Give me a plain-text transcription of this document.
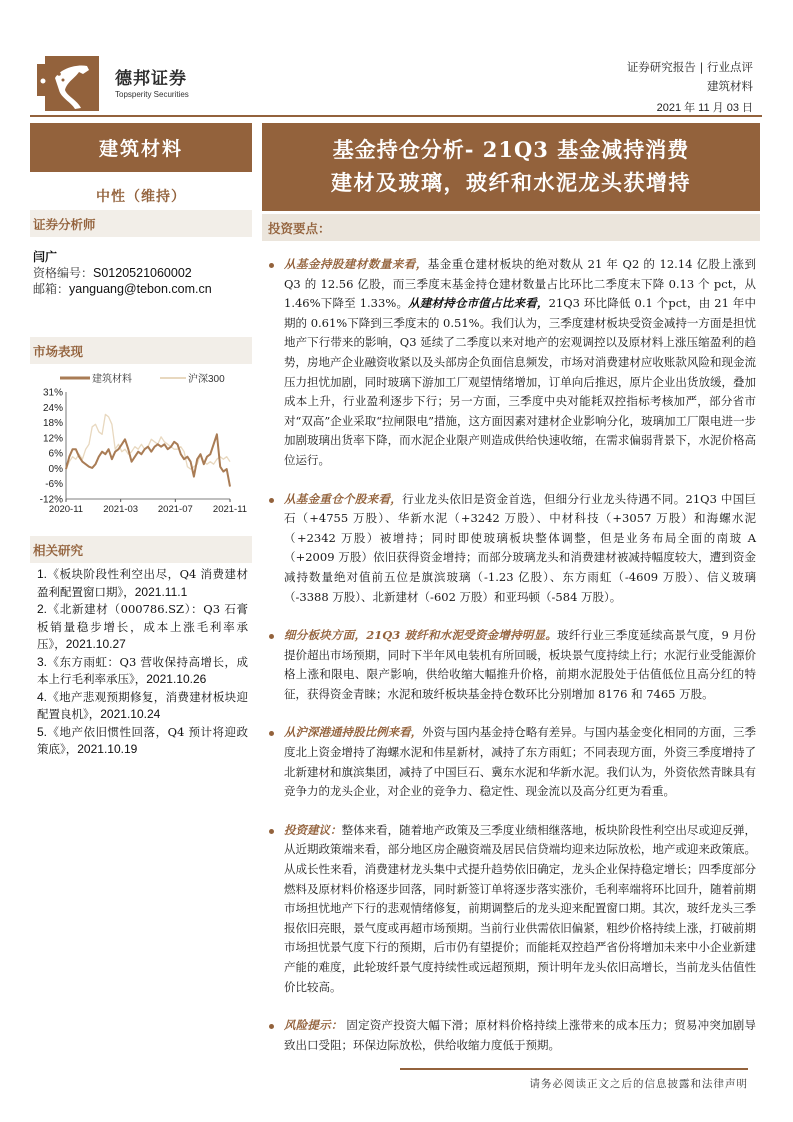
德邦证券
Topsperity Securities
证券研究报告 | 行业点评
建筑材料
2021 年 11 月 03 日
建筑材料
中性（维持）
证券分析师
闫广
资格编号：S0120521060002
邮箱：yanguang@tebon.com.cn
市场表现
建筑材料	沪深300
31%
24%
18%
12%
6%
0%
-6%
-12%
2020-11 2021-03 2021-07 2021-11
相关研究
1.《板块阶段性利空出尽，Q4 消费建材盈利配置窗口期》，2021.11.1
2.《北新建材（000786.SZ）：Q3 石膏板销量稳步增长，成本上涨毛利率承压》，2021.10.27
3.《东方雨虹：Q3 营收保持高增长，成本上行毛利率承压》，2021.10.26
4.《地产悲观预期修复，消费建材板块迎配置良机》，2021.10.24
5.《地产依旧惯性回落，Q4 预计将迎政策底》，2021.10.19
基金持仓分析- 21Q3 基金减持消费
建材及玻璃，玻纤和水泥龙头获增持
投资要点：
从基金持股建材数量来看，基金重仓建材板块的绝对数从 21 年 Q2 的 12.14 亿股上涨到 Q3 的 12.56 亿股，而三季度末基金持仓建材数量占比环比二季度末下降 0.13 个 pct，从 1.46%下降至 1.33%。从建材持仓市值占比来看，21Q3 环比降低 0.1 个pct，由 21 年中期的 0.61%下降到三季度末的 0.51%。我们认为，三季度建材板块受资金减持一方面是担忧地产下行带来的影响，Q3 延续了二季度以来对地产的宏观调控以及原材料上涨压缩盈利的趋势，房地产企业融资收紧以及头部房企负面信息频发，市场对消费建材应收账款风险和现金流压力担忧加剧，同时玻璃下游加工厂观望情绪增加，订单向后推迟，原片企业出货放缓，叠加成本上升，行业盈利逐步下行；另一方面，三季度中央对能耗双控指标考核加严，部分省市对“双高”企业采取“拉闸限电”措施，这方面因素对建材企业影响分化，玻璃加工厂限电进一步加剧玻璃出货率下降，而水泥企业限产则造成供给快速收缩，在需求偏弱背景下，水泥价格高位运行。
从基金重仓个股来看，行业龙头依旧是资金首选，但细分行业龙头待遇不同。21Q3 中国巨石（+4755 万股）、华新水泥（+3242 万股）、中材科技（+3057 万股）和海螺水泥（+2342 万股）被增持；同时即使玻璃板块整体调整，但是业务布局全面的南玻 A（+2009 万股）依旧获得资金增持；而部分玻璃龙头和消费建材被减持幅度较大，遭到资金减持数量绝对值前五位是旗滨玻璃（-1.23 亿股）、东方雨虹（-4609 万股）、信义玻璃（-3388 万股）、北新建材（-602 万股）和亚玛顿（-584 万股）。
细分板块方面，21Q3 玻纤和水泥受资金增持明显。玻纤行业三季度延续高景气度，9 月份提价超出市场预期，同时下半年风电装机有所回暖，板块景气度持续上行；水泥行业受能源价格上涨和限电、限产影响，供给收缩大幅推升价格，前期水泥股处于估值低位且高分红的特征，获得资金青睐；水泥和玻纤板块基金持仓数环比分别增加 8176 和 7465 万股。
从沪深港通持股比例来看，外资与国内基金持仓略有差异。与国内基金变化相同的方面，三季度北上资金增持了海螺水泥和伟星新材，减持了东方雨虹；不同表现方面，外资三季度增持了北新建材和旗滨集团，减持了中国巨石、冀东水泥和华新水泥。我们认为，外资依然青睐具有竞争力的龙头企业，对企业的竞争力、稳定性、现金流以及高分红更为看重。
投资建议：整体来看，随着地产政策及三季度业绩相继落地，板块阶段性利空出尽或迎反弹，从近期政策端来看，部分地区房企融资端及居民信贷端均迎来边际放松，地产或迎来政策底。从成长性来看，消费建材龙头集中式提升趋势依旧确定，龙头企业保持稳定增长；四季度部分燃料及原材料价格逐步回落，同时新签订单将逐步落实涨价，毛利率端将环比回升，随着前期市场担忧地产下行的悲观情绪修复，前期调整后的龙头迎来配置窗口期。其次，玻纤龙头三季报依旧亮眼，景气度或再超市场预期。当前行业供需依旧偏紧，粗纱价格持续上涨，打破前期市场担忧景气度下行的预期，后市仍有望提价；而能耗双控趋严省份将增加未来中小企业新建产能的难度，此轮玻纤景气度持续性或远超预期，预计明年龙头依旧高增长，当前龙头估值性价比较高。
风险提示： 固定资产投资大幅下滑；原材料价格持续上涨带来的成本压力；贸易冲突加剧导致出口受阻；环保边际放松，供给收缩力度低于预期。
请务必阅读正文之后的信息披露和法律声明
